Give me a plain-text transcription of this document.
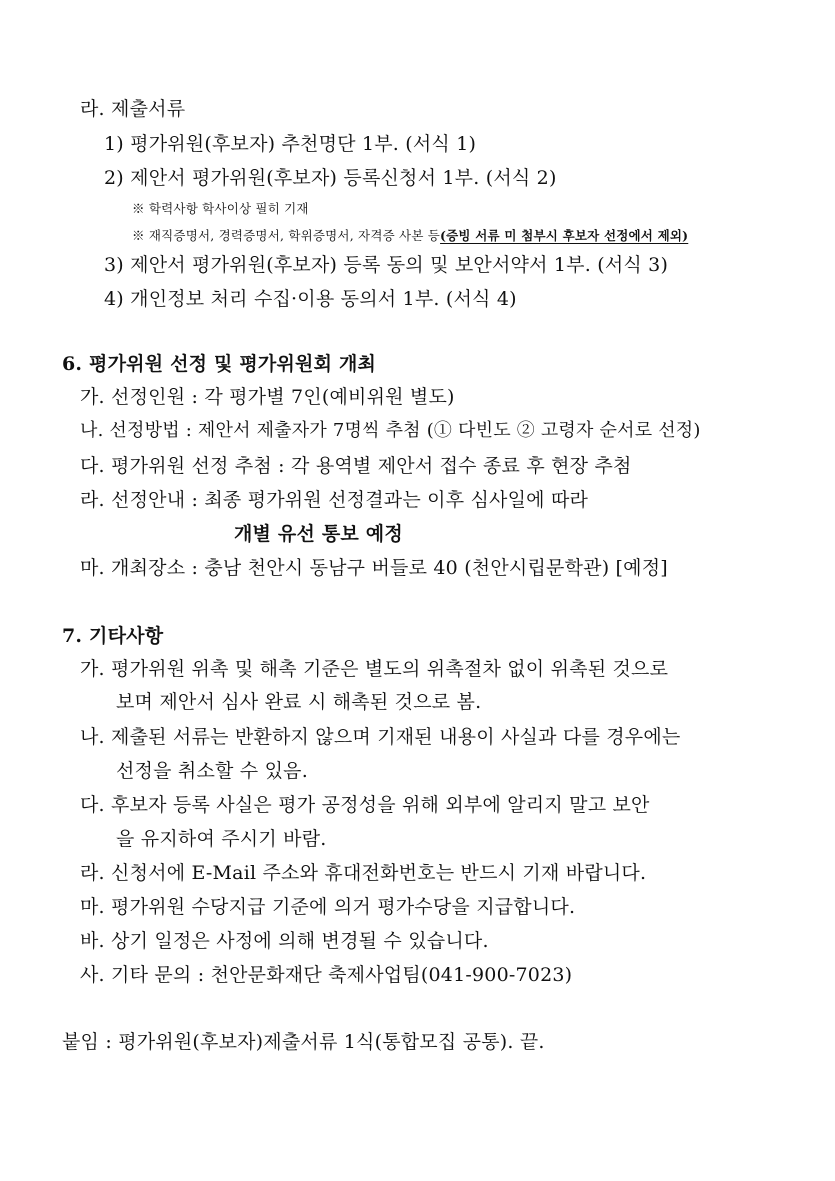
라. 제출서류
1) 평가위원(후보자) 추천명단 1부. (서식 1)
2) 제안서 평가위원(후보자) 등록신청서 1부. (서식 2)
※ 학력사항 학사이상 필히 기재
※ 재직증명서, 경력증명서, 학위증명서, 자격증 사본 등(증빙 서류 미 첨부시 후보자 선정에서 제외)
3) 제안서 평가위원(후보자) 등록 동의 및 보안서약서 1부. (서식 3)
4) 개인정보 처리 수집·이용 동의서 1부. (서식 4)
6. 평가위원 선정 및 평가위원회 개최
가. 선정인원 : 각 평가별 7인(예비위원 별도)
나. 선정방법 : 제안서 제출자가 7명씩 추첨 (① 다빈도 ② 고령자 순서로 선정)
다. 평가위원 선정 추첨 : 각 용역별 제안서 접수 종료 후 현장 추첨
라. 선정안내 : 최종 평가위원 선정결과는 이후 심사일에 따라
개별 유선 통보 예정
마. 개최장소 : 충남 천안시 동남구 버들로 40 (천안시립문학관) [예정]
7. 기타사항
가. 평가위원 위촉 및 해촉 기준은 별도의 위촉절차 없이 위촉된 것으로
보며 제안서 심사 완료 시 해촉된 것으로 봄.
나. 제출된 서류는 반환하지 않으며 기재된 내용이 사실과 다를 경우에는
선정을 취소할 수 있음.
다. 후보자 등록 사실은 평가 공정성을 위해 외부에 알리지 말고 보안
을 유지하여 주시기 바람.
라. 신청서에 E-Mail 주소와 휴대전화번호는 반드시 기재 바랍니다.
마. 평가위원 수당지급 기준에 의거 평가수당을 지급합니다.
바. 상기 일정은 사정에 의해 변경될 수 있습니다.
사. 기타 문의 : 천안문화재단 축제사업팀(041-900-7023)
붙임 : 평가위원(후보자)제출서류 1식(통합모집 공통). 끝.
